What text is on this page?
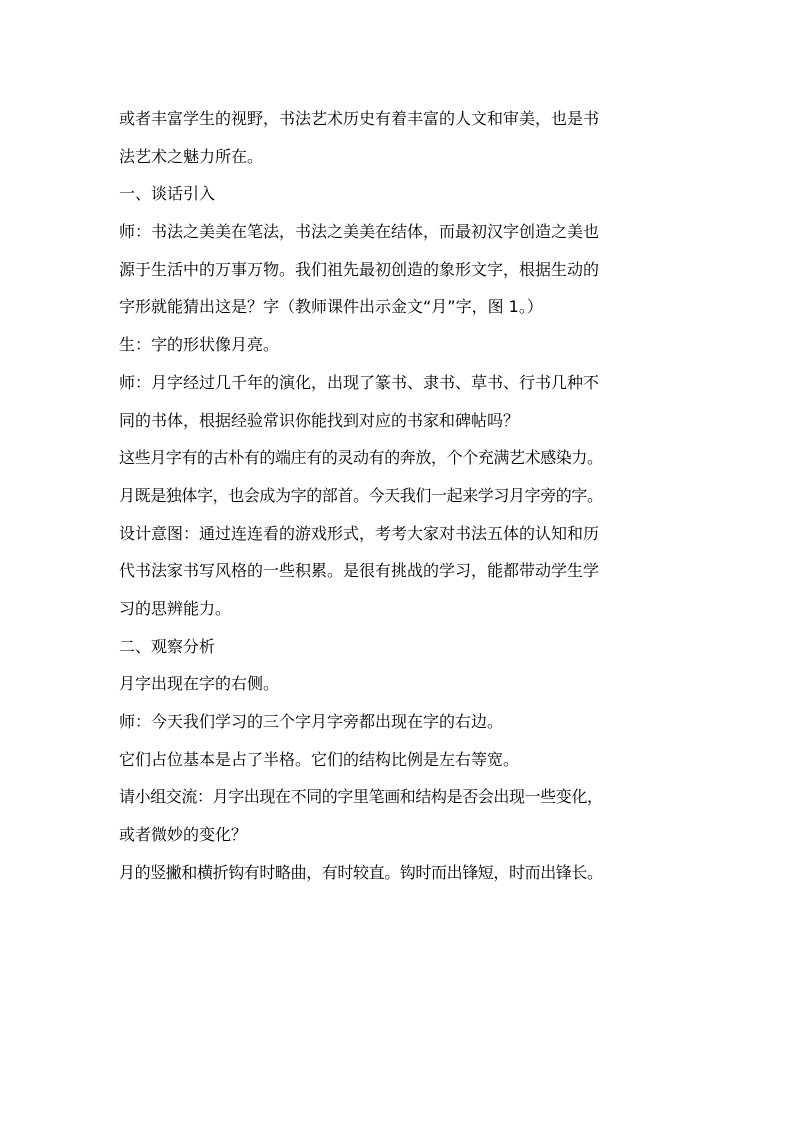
或者丰富学生的视野，书法艺术历史有着丰富的人文和审美，也是书
法艺术之魅力所在。
一、谈话引入
师：书法之美美在笔法，书法之美美在结体，而最初汉字创造之美也
源于生活中的万事万物。我们祖先最初创造的象形文字，根据生动的
字形就能猜出这是？字（教师课件出示金文“月”字，图 1。）
生：字的形状像月亮。
师：月字经过几千年的演化，出现了篆书、隶书、草书、行书几种不
同的书体，根据经验常识你能找到对应的书家和碑帖吗？
这些月字有的古朴有的端庄有的灵动有的奔放，个个充满艺术感染力。
月既是独体字，也会成为字的部首。今天我们一起来学习月字旁的字。
设计意图：通过连连看的游戏形式，考考大家对书法五体的认知和历
代书法家书写风格的一些积累。是很有挑战的学习，能都带动学生学
习的思辨能力。
二、观察分析
月字出现在字的右侧。
师：今天我们学习的三个字月字旁都出现在字的右边。
它们占位基本是占了半格。它们的结构比例是左右等宽。
请小组交流：月字出现在不同的字里笔画和结构是否会出现一些变化，
或者微妙的变化？
月的竖撇和横折钩有时略曲，有时较直。钩时而出锋短，时而出锋长。
